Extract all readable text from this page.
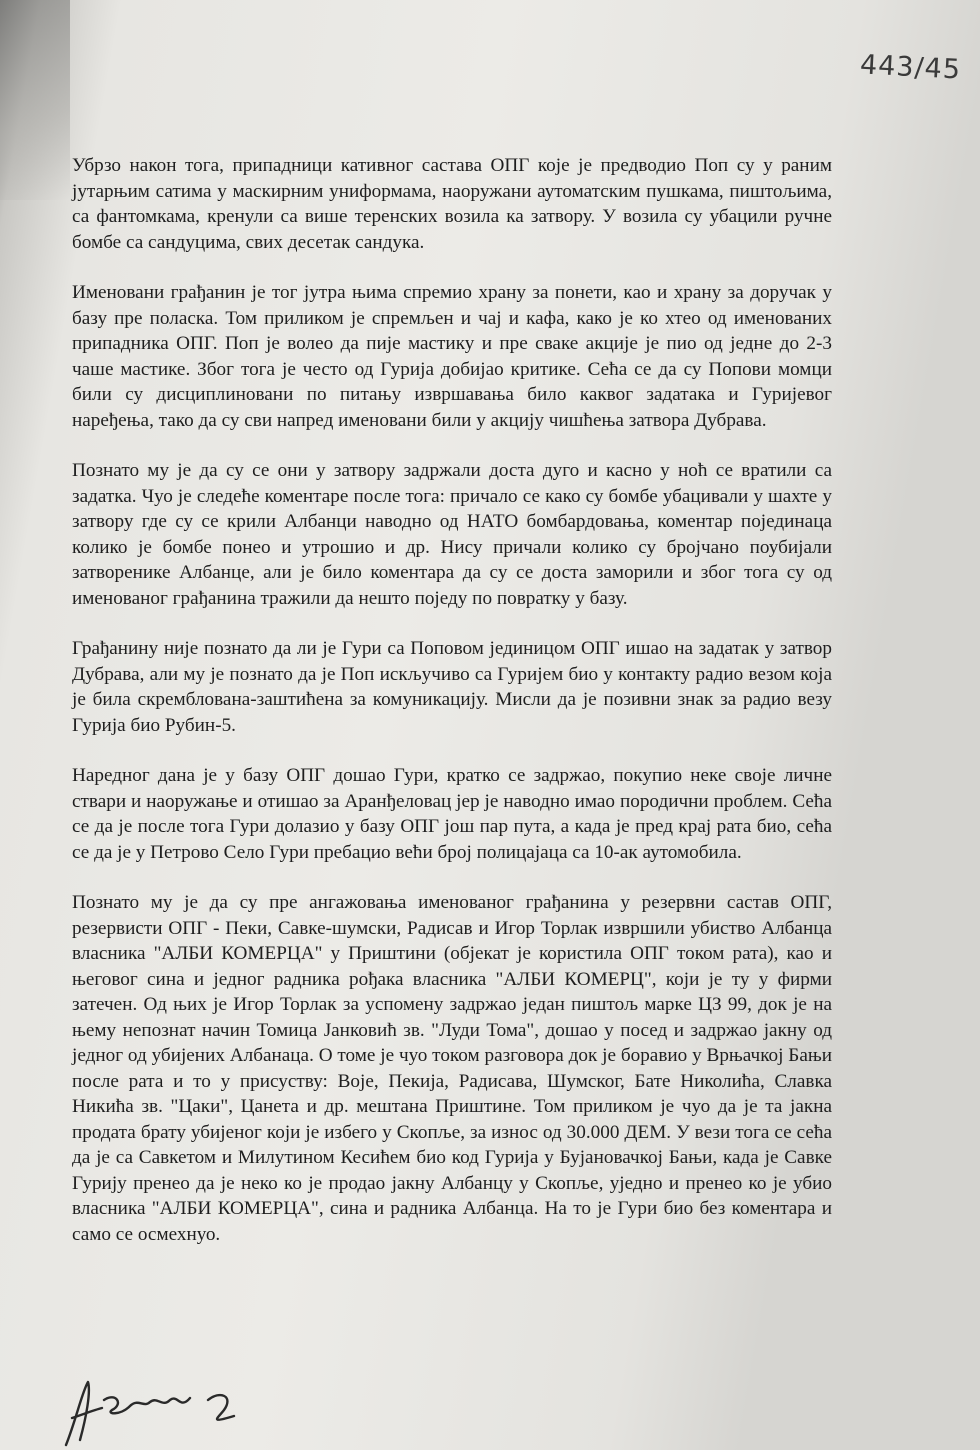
443/45

Убрзо након тога, припадници кативног састава ОПГ које је предводио Поп су у раним јутарњим сатима у маскирним униформама, наоружани аутоматским пушкама, пиштољима, са фантомкама, кренули са више теренских возила ка затвору. У возила су убацили ручне бомбе са сандуцима, свих десетак сандука.

Именовани грађанин је тог јутра њима спремио храну за понети, као и храну за доручак у базу пре поласка. Том приликом је спремљен и чај и кафа, како је ко хтео од именованих припадника ОПГ. Поп је волео да пије мастику и пре сваке акције је пио од једне до 2-3 чаше мастике. Због тога је често од Гурија добијао критике. Сећа се да су Попови момци били су дисциплиновани по питању извршавања било каквог задатака и Гуријевог наређења, тако да су сви напред именовани били у акцију чишћења затвора Дубрава.

Познато му је да су се они у затвору задржали доста дуго и касно у ноћ се вратили са задатка. Чуо је следеће коментаре после тога: причало се како су бомбе убацивали у шахте у затвору где су се крили Албанци наводно од НАТО бомбардовања, коментар појединаца колико је бомбе понео и утрошио и др. Нису причали колико су бројчано поубијали затворенике Албанце, али је било коментара да су се доста заморили и због тога су од именованог грађанина тражили да нешто поједу по повратку у базу.

Грађанину није познато да ли је Гури са Поповом јединицом ОПГ ишао на задатак у затвор Дубрава, али му је познато да је Поп искључиво са Гуријем био у контакту радио везом која је била скремблована-заштићена за комуникацију. Мисли да је позивни знак за радио везу Гурија био Рубин-5.

Наредног дана је у базу ОПГ дошао Гури, кратко се задржао, покупио неке своје личне ствари и наоружање и отишао за Аранђеловац јер је наводно имао породични проблем. Сећа се да је после тога Гури долазио у базу ОПГ још пар пута, а када је пред крај рата био, сећа се да је у Петрово Село Гури пребацио већи број полицајаца са 10-ак аутомобила.

Познато му је да су пре ангажовања именованог грађанина у резервни састав ОПГ, резервисти ОПГ - Пеки, Савке-шумски, Радисав и Игор Торлак извршили убиство Албанца власника "АЛБИ КОМЕРЦА" у Приштини (објекат је користила ОПГ током рата), као и његовог сина и једног радника рођака власника "АЛБИ КОМЕРЦ", који је ту у фирми затечен. Од њих је Игор Торлак за успомену задржао један пиштољ марке ЦЗ 99, док је на њему непознат начин Томица Јанковић зв. "Луди Тома", дошао у посед и задржао јакну од једног од убијених Албанаца. О томе је чуо током разговора док је боравио у Врњачкој Бањи после рата и то у присуству: Воје, Пекија, Радисава, Шумског, Бате Николића, Славка Никића зв. "Цаки", Цанета и др. мештана Приштине. Том приликом је чуо да је та јакна продата брату убијеног који је избего у Скопље, за износ од 30.000 ДЕМ. У вези тога се сећа да је са Савкетом и Милутином Кесићем био код Гурија у Бујановачкој Бањи, када је Савке Гурију пренео да је неко ко је продао јакну Албанцу у Скопље, уједно и пренео ко је убио власника "АЛБИ КОМЕРЦА", сина и радника Албанца. На то је Гури био без коментара и само се осмехнуо.
